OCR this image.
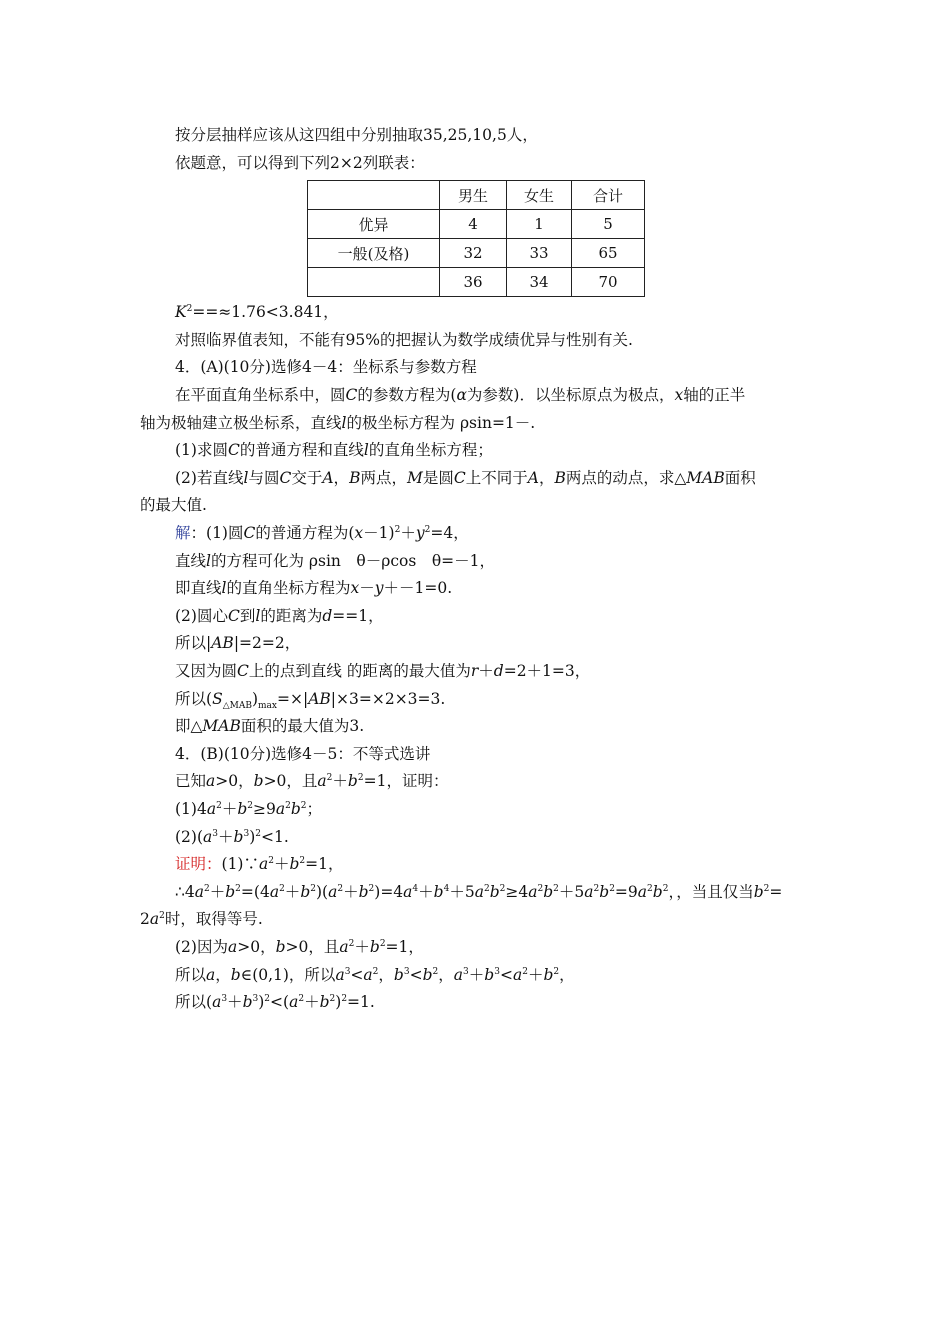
按分层抽样应该从这四组中分别抽取35,25,10,5人，
依题意，可以得到下列2×2列联表：
	男生	女生	合计
优异	4	1	5
一般(及格)	32	33	65
	36	34	70
$K^2==\approx 1.76<3.841$，
对照临界值表知，不能有95%的把握认为数学成绩优异与性别有关.
4．(A)(10分)选修4－4：坐标系与参数方程
在平面直角坐标系中，圆C的参数方程为(α为参数)．以坐标原点为极点，x轴的正半
轴为极轴建立极坐标系，直线l的极坐标方程为 ρsin=1－.
(1)求圆C的普通方程和直线l的直角坐标方程；
(2)若直线l与圆C交于A，B两点，M是圆C上不同于A，B两点的动点，求△MAB面积
的最大值.
解：(1)圆C的普通方程为$(x-1)^2+y^2=4$，
直线l的方程可化为 ρsin　θ－ρcos　θ=－1，
即直线l的直角坐标方程为x－y＋－1=0.
(2)圆心C到l的距离为d==1，
所以|AB|=2=2，
又因为圆C上的点到直线 的距离的最大值为r＋d=2＋1=3，
所以$(S_{\triangle MAB})_{max}=\times|AB|\times 3=\times 2\times 3=3$.
即△MAB面积的最大值为3.
4．(B)(10分)选修4－5：不等式选讲
已知a>0，b>0，且$a^2+b^2=1$，证明：
$(1)4a^2+b^2\ge 9a^2b^2$；
$(2)(a^3+b^3)^2<1$.
证明：$(1)\because a^2+b^2=1$，
$\therefore 4a^2+b^2=(4a^2+b^2)(a^2+b^2)=4a^4+b^4+5a^2b^2\ge 4a^2b^2+5a^2b^2=9a^2b^2$，，当且仅当$b^2=$
$2a^2$时，取得等号.
(2)因为a>0，b>0，且$a^2+b^2=1$，
所以a，b∈(0,1)，所以$a^3<a^2$，$b^3<b^2$，$a^3+b^3<a^2+b^2$，
所以$(a^3+b^3)^2<(a^2+b^2)^2=1$.
